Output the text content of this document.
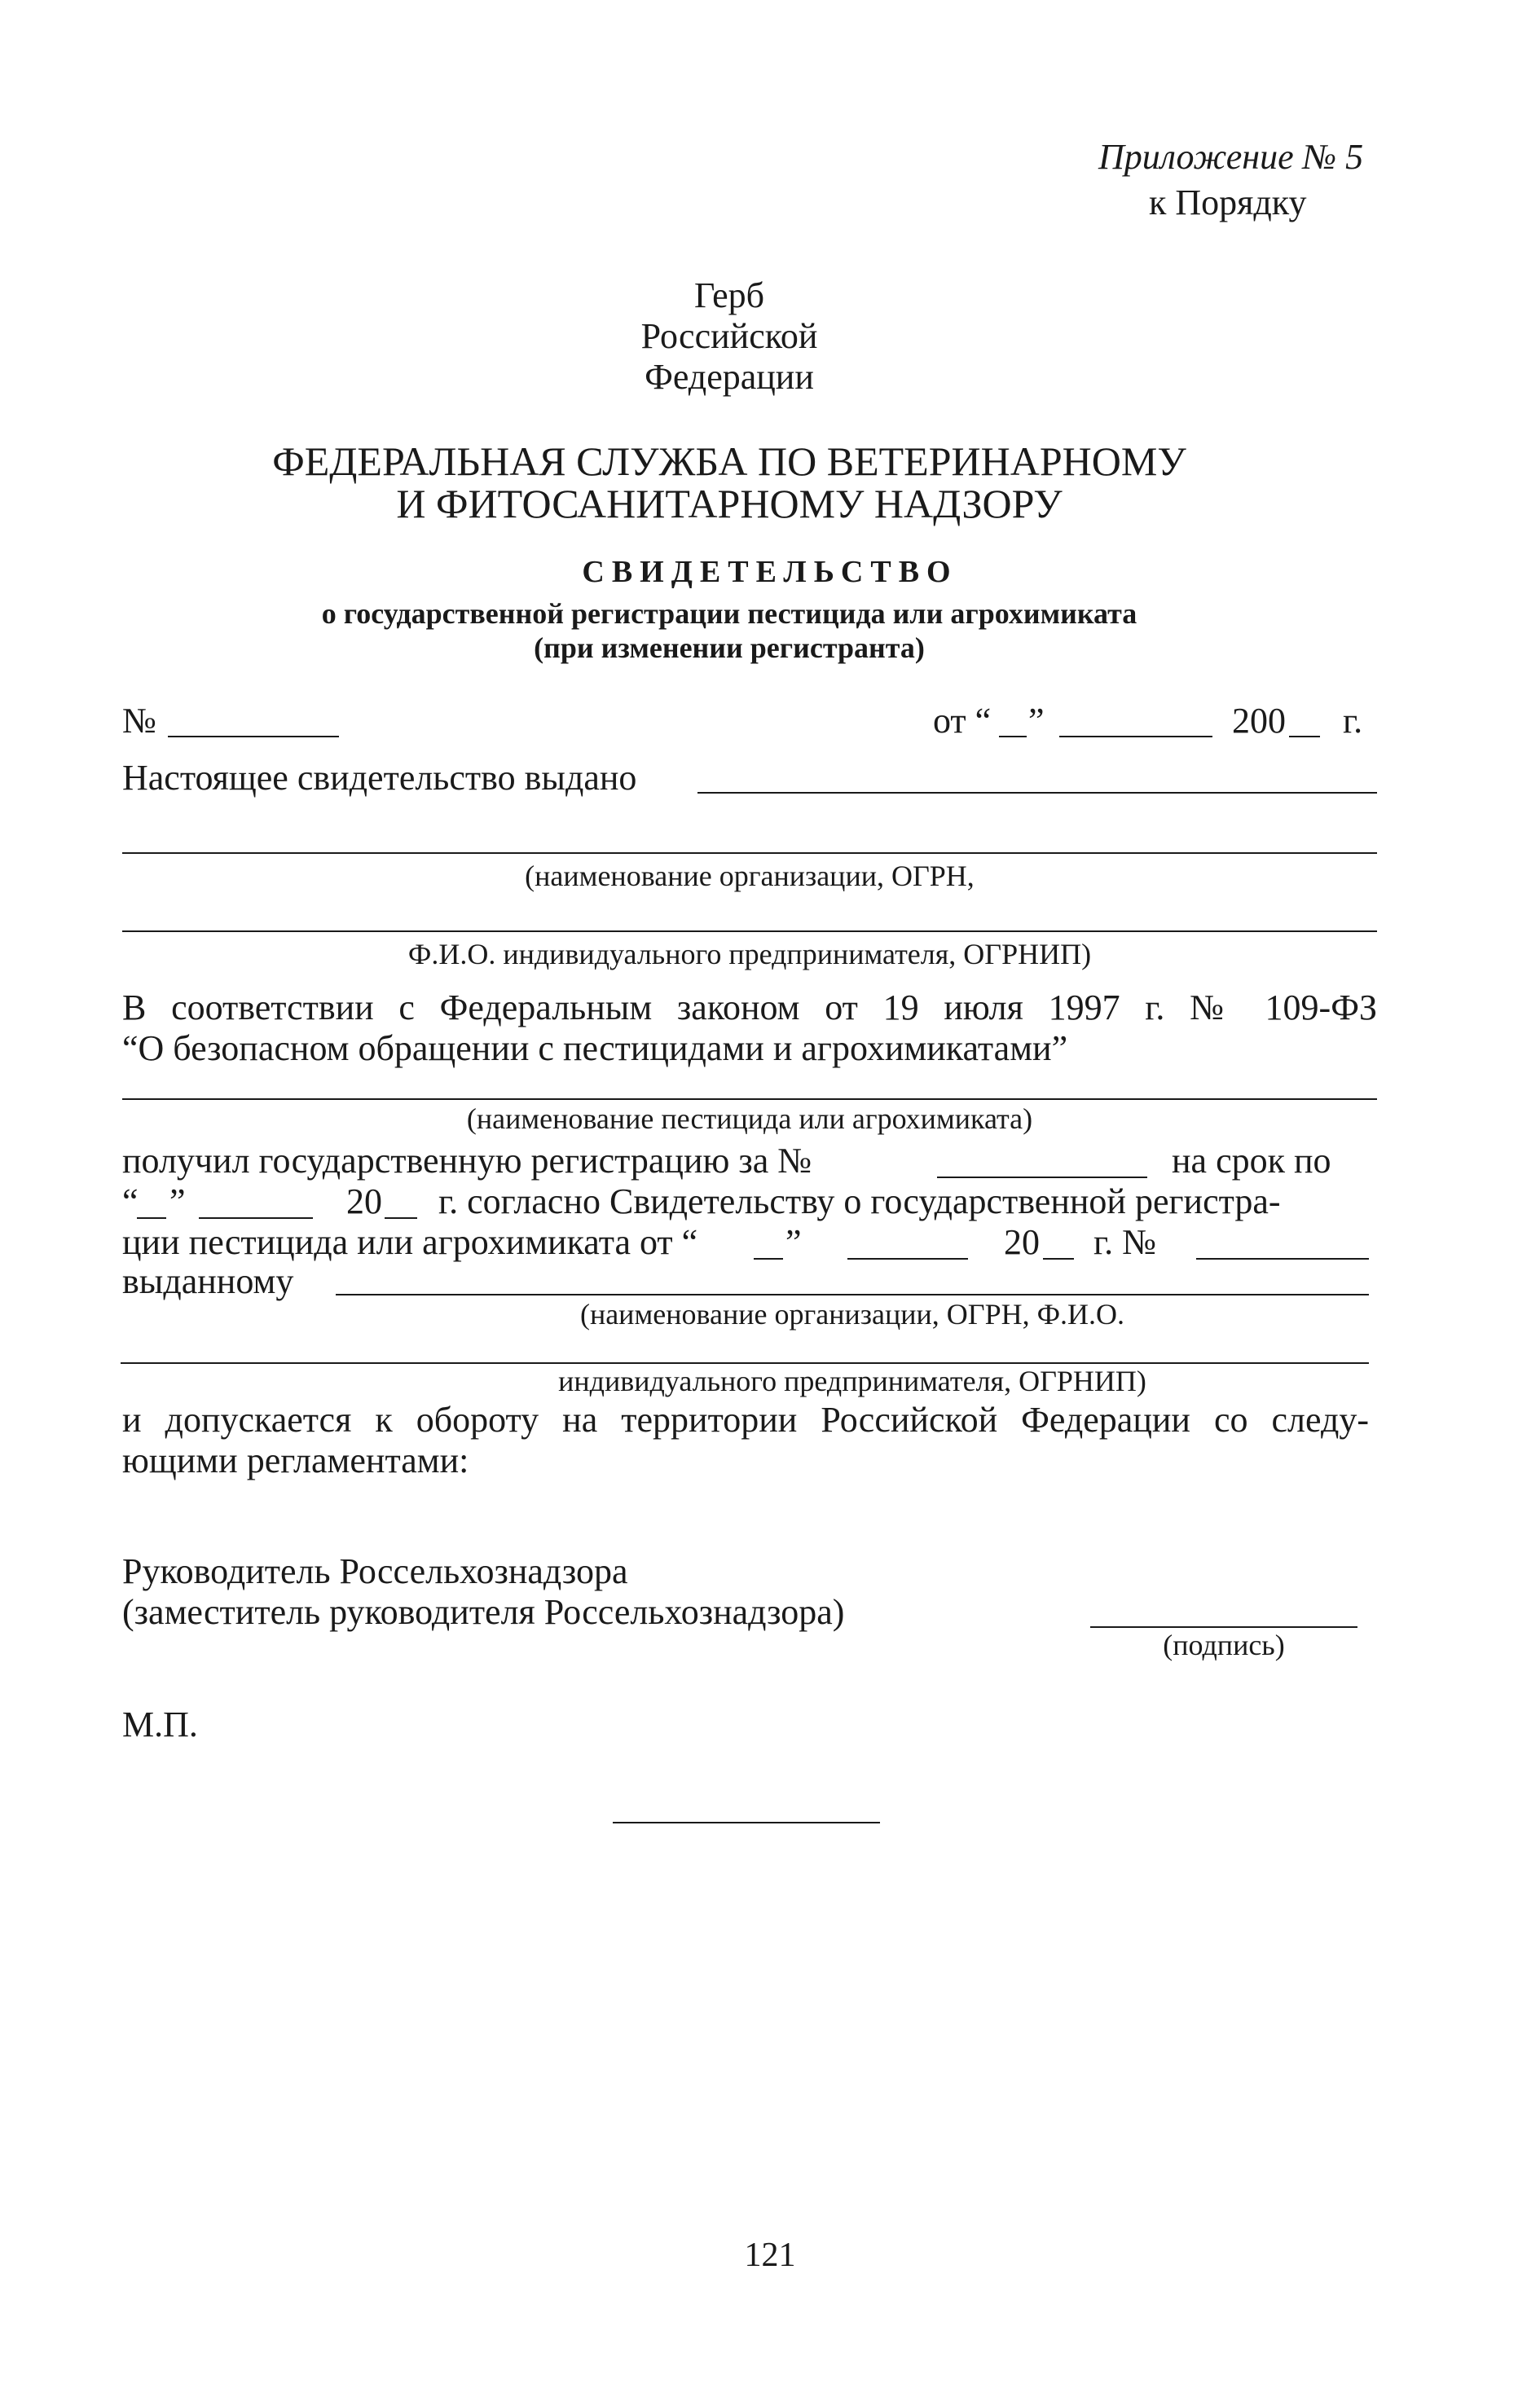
Приложение № 5
к Порядку
Герб
Российской
Федерации
ФЕДЕРАЛЬНАЯ СЛУЖБА ПО ВЕТЕРИНАРНОМУ
И ФИТОСАНИТАРНОМУ НАДЗОРУ
СВИДЕТЕЛЬСТВО
о государственной регистрации пестицида или агрохимиката
(при изменении регистранта)
№	от “ ”	200 г.
Настоящее свидетельство выдано
(наименование организации, ОГРН,
Ф.И.О. индивидуального предпринимателя, ОГРНИП)
В соответствии с Федеральным законом от 19 июля 1997 г. № 109-ФЗ
“О безопасном обращении с пестицидами и агрохимикатами”
(наименование пестицида или агрохимиката)
получил государственную регистрацию за №	на срок по
“ ”	20 г. согласно Свидетельству о государственной регистра-
ции пестицида или агрохимиката от “ ”	20 г. №
выданному
(наименование организации, ОГРН, Ф.И.О.
индивидуального предпринимателя, ОГРНИП)
и допускается к обороту на территории Российской Федерации со следу-
ющими регламентами:
Руководитель Россельхознадзора
(заместитель руководителя Россельхознадзора)
(подпись)
М.П.
121
